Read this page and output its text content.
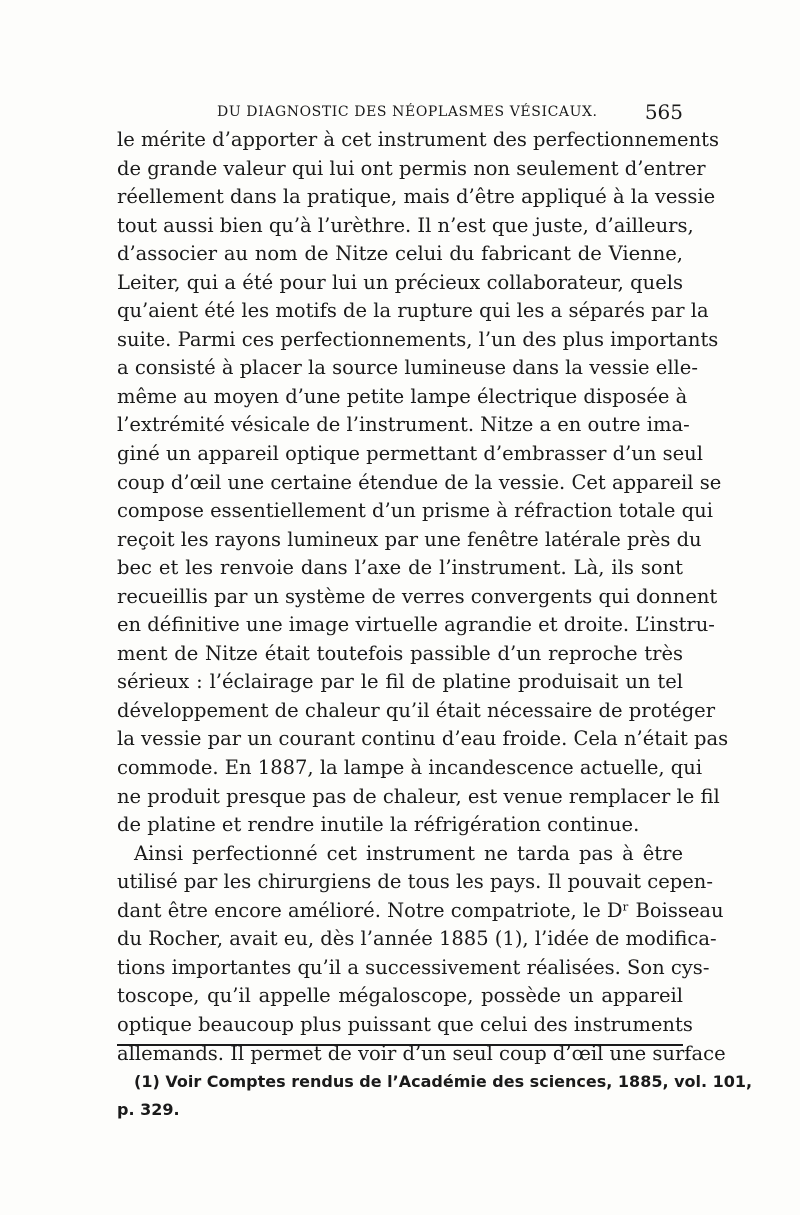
DU DIAGNOSTIC DES NÉOPLASMES VÉSICAUX. 565
le mérite d’apporter à cet instrument des perfectionnements
de grande valeur qui lui ont permis non seulement d’entrer
réellement dans la pratique, mais d’être appliqué à la vessie
tout aussi bien qu’à l’urèthre. Il n’est que juste, d’ailleurs,
d’associer au nom de Nitze celui du fabricant de Vienne,
Leiter, qui a été pour lui un précieux collaborateur, quels
qu’aient été les motifs de la rupture qui les a séparés par la
suite. Parmi ces perfectionnements, l’un des plus importants
a consisté à placer la source lumineuse dans la vessie elle-
même au moyen d’une petite lampe électrique disposée à
l’extrémité vésicale de l’instrument. Nitze a en outre ima-
giné un appareil optique permettant d’embrasser d’un seul
coup d’œil une certaine étendue de la vessie. Cet appareil se
compose essentiellement d’un prisme à réfraction totale qui
reçoit les rayons lumineux par une fenêtre latérale près du
bec et les renvoie dans l’axe de l’instrument. Là, ils sont
recueillis par un système de verres convergents qui donnent
en définitive une image virtuelle agrandie et droite. L’instru-
ment de Nitze était toutefois passible d’un reproche très
sérieux : l’éclairage par le fil de platine produisait un tel
développement de chaleur qu’il était nécessaire de protéger
la vessie par un courant continu d’eau froide. Cela n’était pas
commode. En 1887, la lampe à incandescence actuelle, qui
ne produit presque pas de chaleur, est venue remplacer le fil
de platine et rendre inutile la réfrigération continue.
Ainsi perfectionné cet instrument ne tarda pas à être
utilisé par les chirurgiens de tous les pays. Il pouvait cepen-
dant être encore amélioré. Notre compatriote, le Dʳ Boisseau
du Rocher, avait eu, dès l’année 1885 (1), l’idée de modifica-
tions importantes qu’il a successivement réalisées. Son cys-
toscope, qu’il appelle mégaloscope, possède un appareil
optique beaucoup plus puissant que celui des instruments
allemands. Il permet de voir d’un seul coup d’œil une surface
(1) Voir Comptes rendus de l’Académie des sciences, 1885, vol. 101,
p. 329.
